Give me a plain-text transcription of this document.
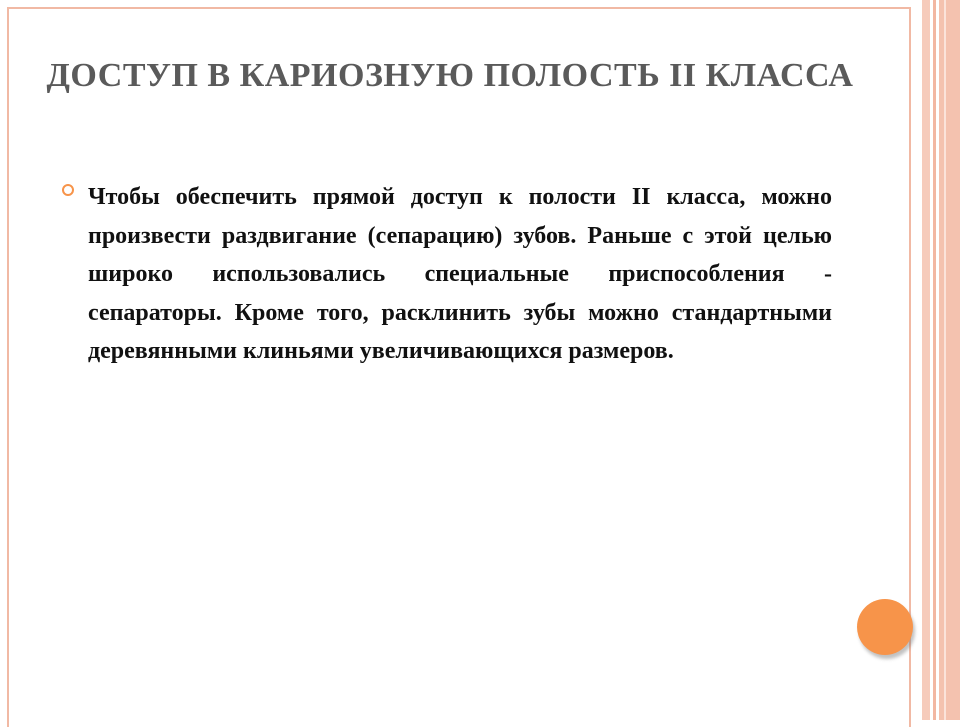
ДОСТУП В КАРИОЗНУЮ ПОЛОСТЬ II КЛАССА

Чтобы обеспечить прямой доступ к полости II класса, можно произвести раздвигание (сепарацию) зубов. Раньше с этой целью широко использовались специальные приспособления - сепараторы. Кроме того, расклинить зубы можно стандартными деревянными клиньями увеличивающихся размеров.
